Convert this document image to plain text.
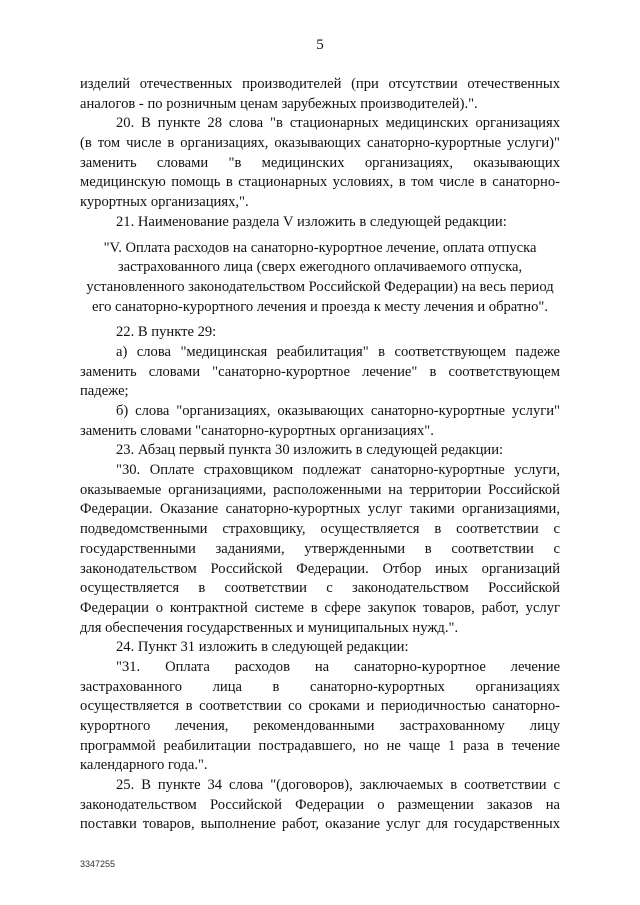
5
изделий отечественных производителей (при отсутствии отечественных
аналогов - по розничным ценам зарубежных производителей).".
20. В пункте 28 слова "в стационарных медицинских организациях
(в том числе в организациях, оказывающих санаторно-курортные услуги)"
заменить словами "в медицинских организациях, оказывающих
медицинскую помощь в стационарных условиях, в том числе в санаторно-
курортных организациях,".
21. Наименование раздела V изложить в следующей редакции:
"V. Оплата расходов на санаторно-курортное лечение, оплата отпуска
застрахованного лица (сверх ежегодного оплачиваемого отпуска,
установленного законодательством Российской Федерации) на весь период
его санаторно-курортного лечения и проезда к месту лечения и обратно".
22. В пункте 29:
а) слова "медицинская реабилитация" в соответствующем падеже
заменить словами "санаторно-курортное лечение" в соответствующем
падеже;
б) слова "организациях, оказывающих санаторно-курортные услуги"
заменить словами "санаторно-курортных организациях".
23. Абзац первый пункта 30 изложить в следующей редакции:
"30. Оплате страховщиком подлежат санаторно-курортные услуги,
оказываемые организациями, расположенными на территории Российской
Федерации. Оказание санаторно-курортных услуг такими организациями,
подведомственными страховщику, осуществляется в соответствии с
государственными заданиями, утвержденными в соответствии с
законодательством Российской Федерации. Отбор иных организаций
осуществляется в соответствии с законодательством Российской
Федерации о контрактной системе в сфере закупок товаров, работ, услуг
для обеспечения государственных и муниципальных нужд.".
24. Пункт 31 изложить в следующей редакции:
"31. Оплата расходов на санаторно-курортное лечение
застрахованного лица в санаторно-курортных организациях
осуществляется в соответствии со сроками и периодичностью санаторно-
курортного лечения, рекомендованными застрахованному лицу
программой реабилитации пострадавшего, но не чаще 1 раза в течение
календарного года.".
25. В пункте 34 слова "(договоров), заключаемых в соответствии с
законодательством Российской Федерации о размещении заказов на
поставки товаров, выполнение работ, оказание услуг для государственных
3347255
